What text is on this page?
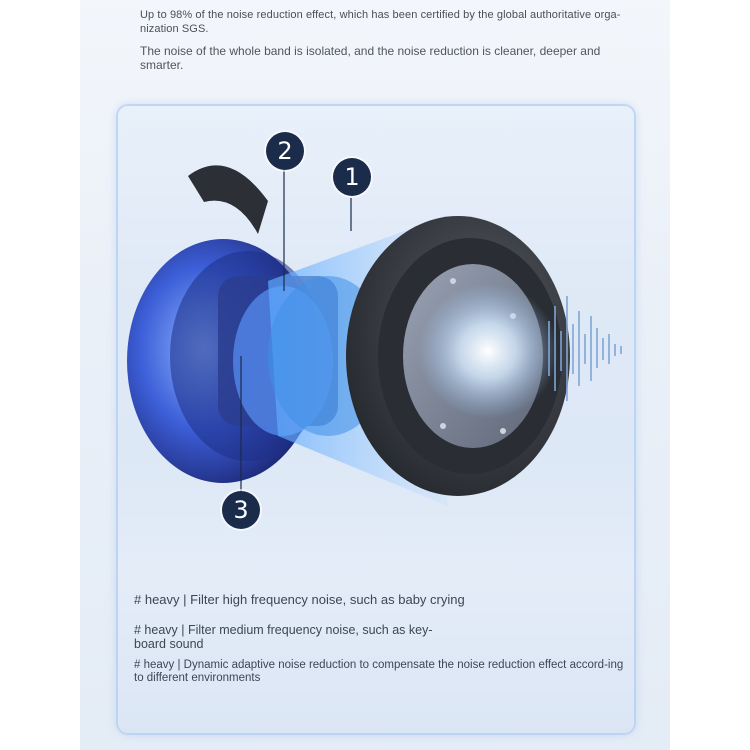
Up to 98% of the noise reduction effect, which has been certified by the global authoritative orga-nization SGS.

The noise of the whole band is isolated, and the noise reduction is cleaner, deeper and smarter.

2
1
3

# heavy | Filter high frequency noise, such as baby crying

# heavy | Filter medium frequency noise, such as key-board sound

# heavy | Dynamic adaptive noise reduction to compensate the noise reduction effect accord-ing to different environments
